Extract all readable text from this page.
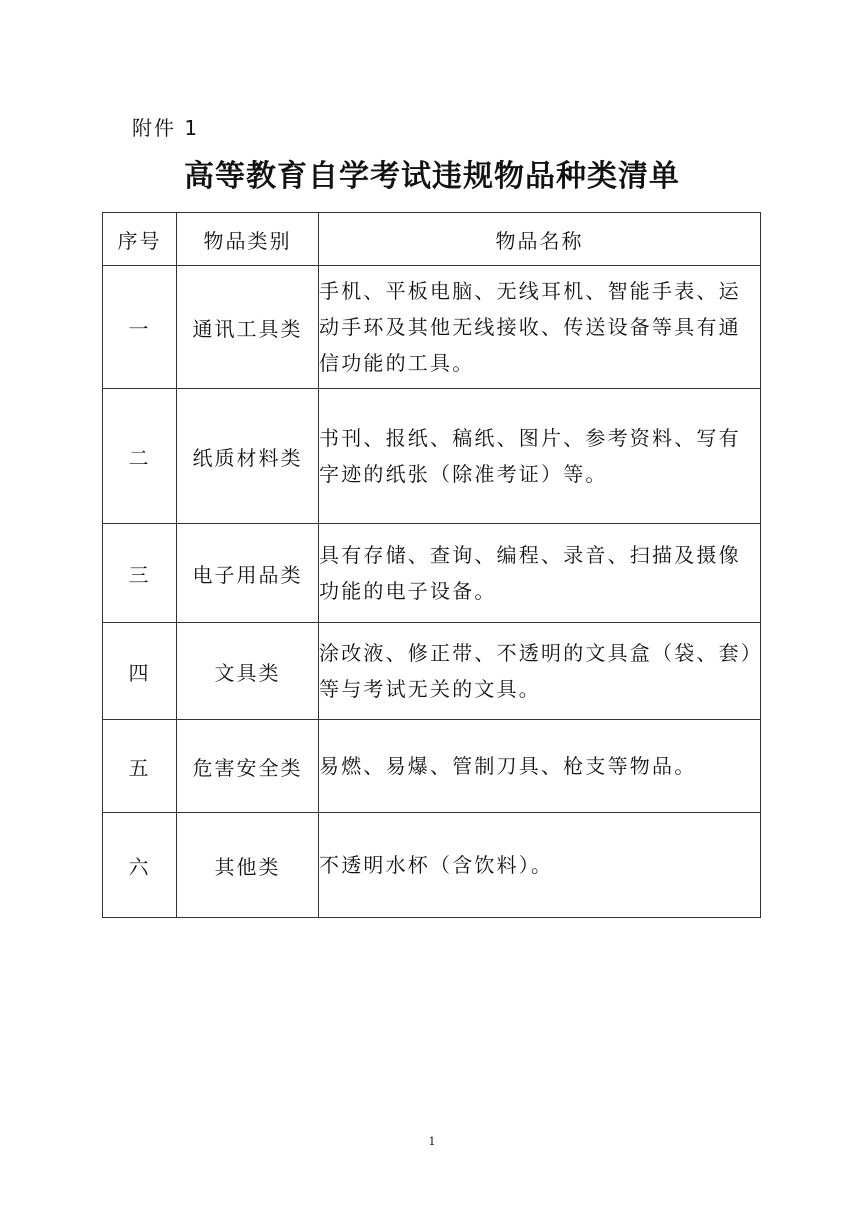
附件 1
高等教育自学考试违规物品种类清单
序号	物品类别	物品名称
一	通讯工具类	手机、平板电脑、无线耳机、智能手表、运动手环及其他无线接收、传送设备等具有通信功能的工具。
二	纸质材料类	书刊、报纸、稿纸、图片、参考资料、写有字迹的纸张（除准考证）等。
三	电子用品类	具有存储、查询、编程、录音、扫描及摄像功能的电子设备。
四	文具类	涂改液、修正带、不透明的文具盒（袋、套）等与考试无关的文具。
五	危害安全类	易燃、易爆、管制刀具、枪支等物品。
六	其他类	不透明水杯（含饮料）。
1
